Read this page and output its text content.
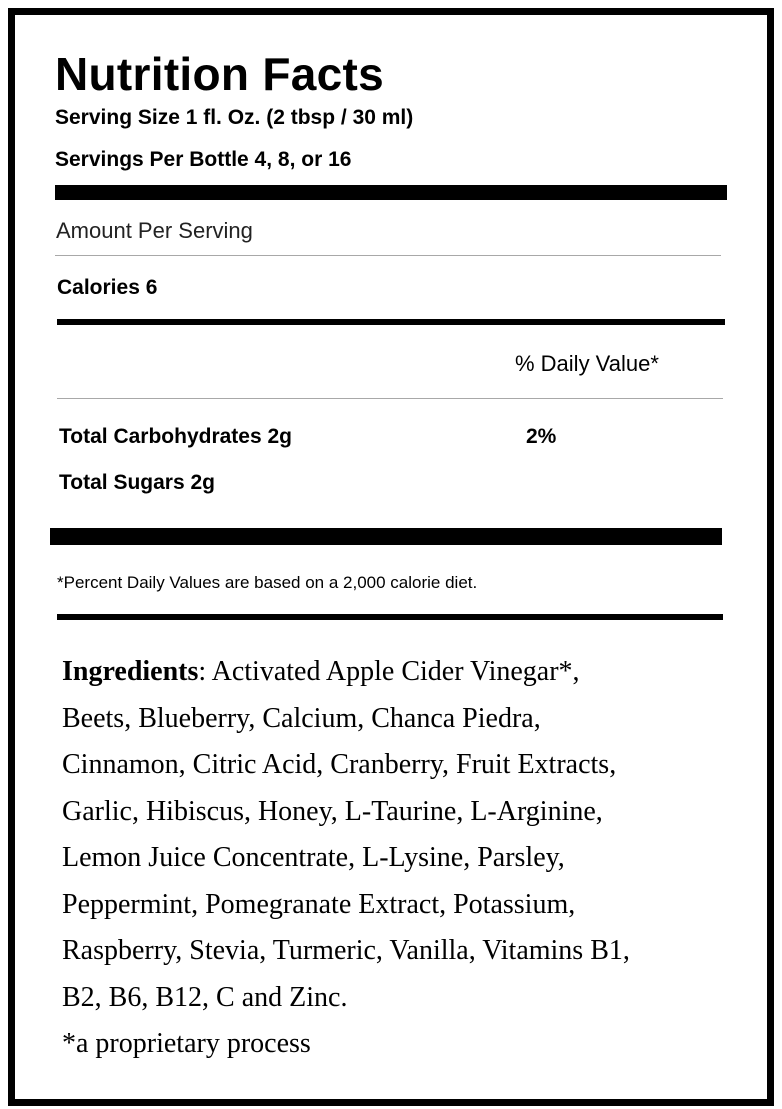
Nutrition Facts
Serving Size 1 fl. Oz. (2 tbsp / 30 ml)
Servings Per Bottle 4, 8, or 16
Amount Per Serving
Calories 6
% Daily Value*
Total Carbohydrates 2g	2%
Total Sugars 2g
*Percent Daily Values are based on a 2,000 calorie diet.
Ingredients: Activated Apple Cider Vinegar*,
Beets, Blueberry, Calcium, Chanca Piedra,
Cinnamon, Citric Acid, Cranberry, Fruit Extracts,
Garlic, Hibiscus, Honey, L-Taurine, L-Arginine,
Lemon Juice Concentrate, L-Lysine, Parsley,
Peppermint, Pomegranate Extract, Potassium,
Raspberry, Stevia, Turmeric, Vanilla, Vitamins B1,
B2, B6, B12, C and Zinc.
*a proprietary process
